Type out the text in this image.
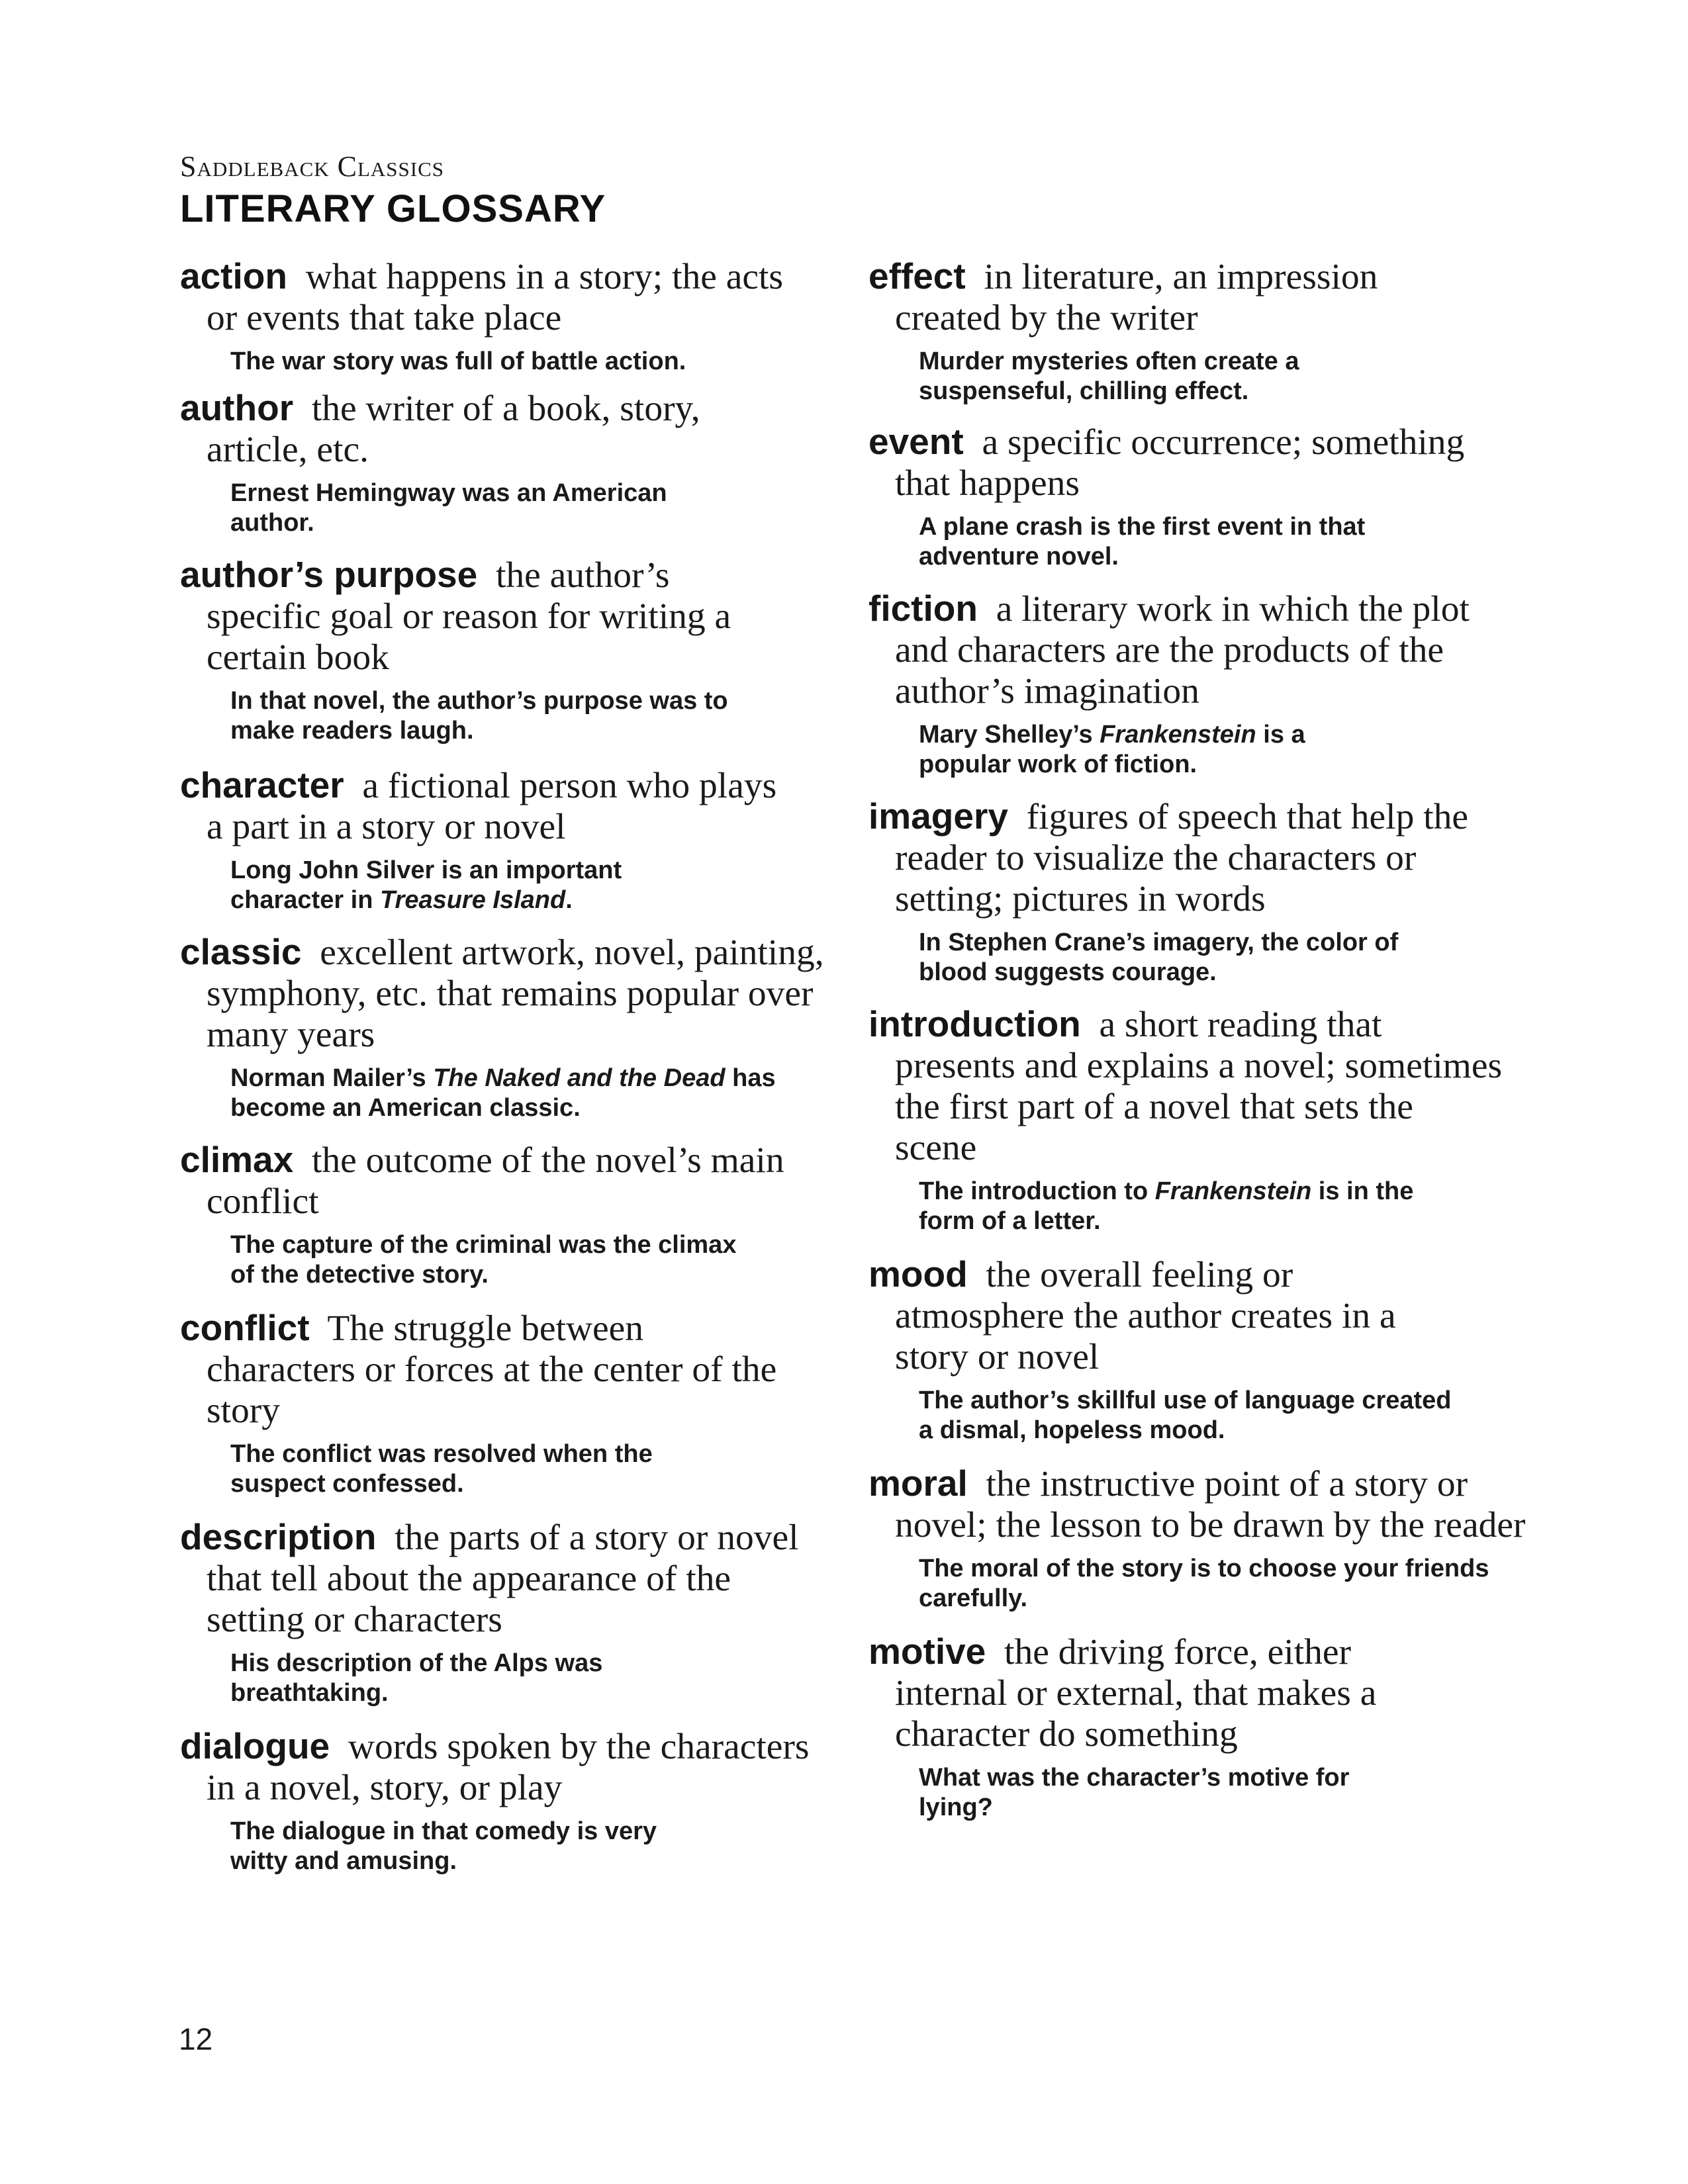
Saddleback Classics
LITERARY GLOSSARY
action what happens in a story; the acts or events that take place
The war story was full of battle action.
author the writer of a book, story, article, etc.
Ernest Hemingway was an American author.
author’s purpose the author’s specific goal or reason for writing a certain book
In that novel, the author’s purpose was to make readers laugh.
character a fictional person who plays a part in a story or novel
Long John Silver is an important character in Treasure Island.
classic excellent artwork, novel, painting, symphony, etc. that remains popular over many years
Norman Mailer’s The Naked and the Dead has become an American classic.
climax the outcome of the novel’s main conflict
The capture of the criminal was the climax of the detective story.
conflict The struggle between characters or forces at the center of the story
The conflict was resolved when the suspect confessed.
description the parts of a story or novel that tell about the appearance of the setting or characters
His description of the Alps was breathtaking.
dialogue words spoken by the characters in a novel, story, or play
The dialogue in that comedy is very witty and amusing.
effect in literature, an impression created by the writer
Murder mysteries often create a suspenseful, chilling effect.
event a specific occurrence; something that happens
A plane crash is the first event in that adventure novel.
fiction a literary work in which the plot and characters are the products of the author’s imagination
Mary Shelley’s Frankenstein is a popular work of fiction.
imagery figures of speech that help the reader to visualize the characters or setting; pictures in words
In Stephen Crane’s imagery, the color of blood suggests courage.
introduction a short reading that presents and explains a novel; sometimes the first part of a novel that sets the scene
The introduction to Frankenstein is in the form of a letter.
mood the overall feeling or atmosphere the author creates in a story or novel
The author’s skillful use of language created a dismal, hopeless mood.
moral the instructive point of a story or novel; the lesson to be drawn by the reader
The moral of the story is to choose your friends carefully.
motive the driving force, either internal or external, that makes a character do something
What was the character’s motive for lying?
12
